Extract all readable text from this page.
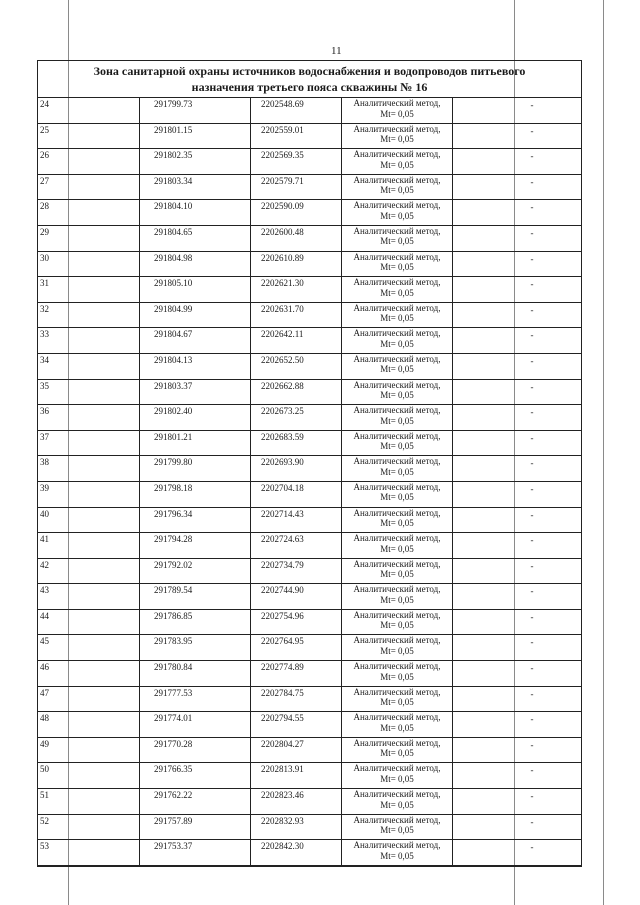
11
Зона санитарной охраны источников водоснабжения и водопроводов питьевого
назначения третьего пояса скважины № 16
24	291799.73	2202548.69	Аналитический метод,
Mt= 0,05	-
25	291801.15	2202559.01	Аналитический метод,
Mt= 0,05	-
26	291802.35	2202569.35	Аналитический метод,
Mt= 0,05	-
27	291803.34	2202579.71	Аналитический метод,
Mt= 0,05	-
28	291804.10	2202590.09	Аналитический метод,
Mt= 0,05	-
29	291804.65	2202600.48	Аналитический метод,
Mt= 0,05	-
30	291804.98	2202610.89	Аналитический метод,
Mt= 0,05	-
31	291805.10	2202621.30	Аналитический метод,
Mt= 0,05	-
32	291804.99	2202631.70	Аналитический метод,
Mt= 0,05	-
33	291804.67	2202642.11	Аналитический метод,
Mt= 0,05	-
34	291804.13	2202652.50	Аналитический метод,
Mt= 0,05	-
35	291803.37	2202662.88	Аналитический метод,
Mt= 0,05	-
36	291802.40	2202673.25	Аналитический метод,
Mt= 0,05	-
37	291801.21	2202683.59	Аналитический метод,
Mt= 0,05	-
38	291799.80	2202693.90	Аналитический метод,
Mt= 0,05	-
39	291798.18	2202704.18	Аналитический метод,
Mt= 0,05	-
40	291796.34	2202714.43	Аналитический метод,
Mt= 0,05	-
41	291794.28	2202724.63	Аналитический метод,
Mt= 0,05	-
42	291792.02	2202734.79	Аналитический метод,
Mt= 0,05	-
43	291789.54	2202744.90	Аналитический метод,
Mt= 0,05	-
44	291786.85	2202754.96	Аналитический метод,
Mt= 0,05	-
45	291783.95	2202764.95	Аналитический метод,
Mt= 0,05	-
46	291780.84	2202774.89	Аналитический метод,
Mt= 0,05	-
47	291777.53	2202784.75	Аналитический метод,
Mt= 0,05	-
48	291774.01	2202794.55	Аналитический метод,
Mt= 0,05	-
49	291770.28	2202804.27	Аналитический метод,
Mt= 0,05	-
50	291766.35	2202813.91	Аналитический метод,
Mt= 0,05	-
51	291762.22	2202823.46	Аналитический метод,
Mt= 0,05	-
52	291757.89	2202832.93	Аналитический метод,
Mt= 0,05	-
53	291753.37	2202842.30	Аналитический метод,
Mt= 0,05	-
